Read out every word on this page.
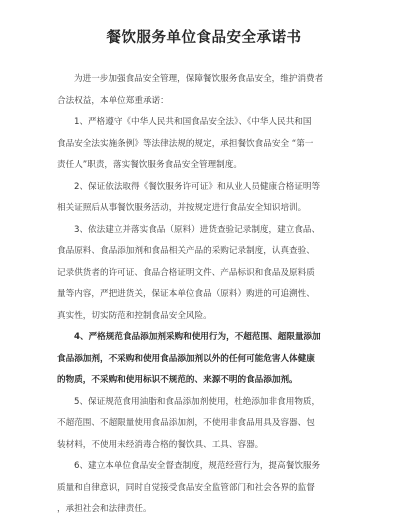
餐饮服务单位食品安全承诺书

为进一步加强食品安全管理，保障餐饮服务食品安全，维护消费者

合法权益，本单位郑重承诺：

1、严格遵守《中华人民共和国食品安全法》、《中华人民共和国

食品安全法实施条例》等法律法规的规定，承担餐饮食品安全 “第一

责任人”职责，落实餐饮服务食品安全管理制度。

2、保证依法取得《餐饮服务许可证》和从业人员健康合格证明等

相关证照后从事餐饮服务活动，并按规定进行食品安全知识培训。

3、依法建立并落实食品（原料）进货查验记录制度，建立食品、

食品原料、食品添加剂和食品相关产品的采购记录制度，认真查验、

记录供货者的许可证、食品合格证明文件、产品标识和食品及原料质

量等内容，严把进货关，保证本单位食品（原料）购进的可追溯性、

真实性，切实防范和控制食品安全风险。

4、严格规范食品添加剂采购和使用行为，不超范围、超限量添加

食品添加剂，不采购和使用食品添加剂以外的任何可能危害人体健康

的物质，不采购和使用标识不规范的、来源不明的食品添加剂。

5、保证规范食用油脂和食品添加剂使用，杜绝添加非食用物质，

不超范围、不超限量使用食品添加剂，不使用非食品用具及容器、包

装材料，不使用未经消毒合格的餐饮具、工具、容器。

6、建立本单位食品安全督查制度，规范经营行为，提高餐饮服务

质量和自律意识，同时自觉接受食品安全监管部门和社会各界的监督

，承担社会和法律责任。
